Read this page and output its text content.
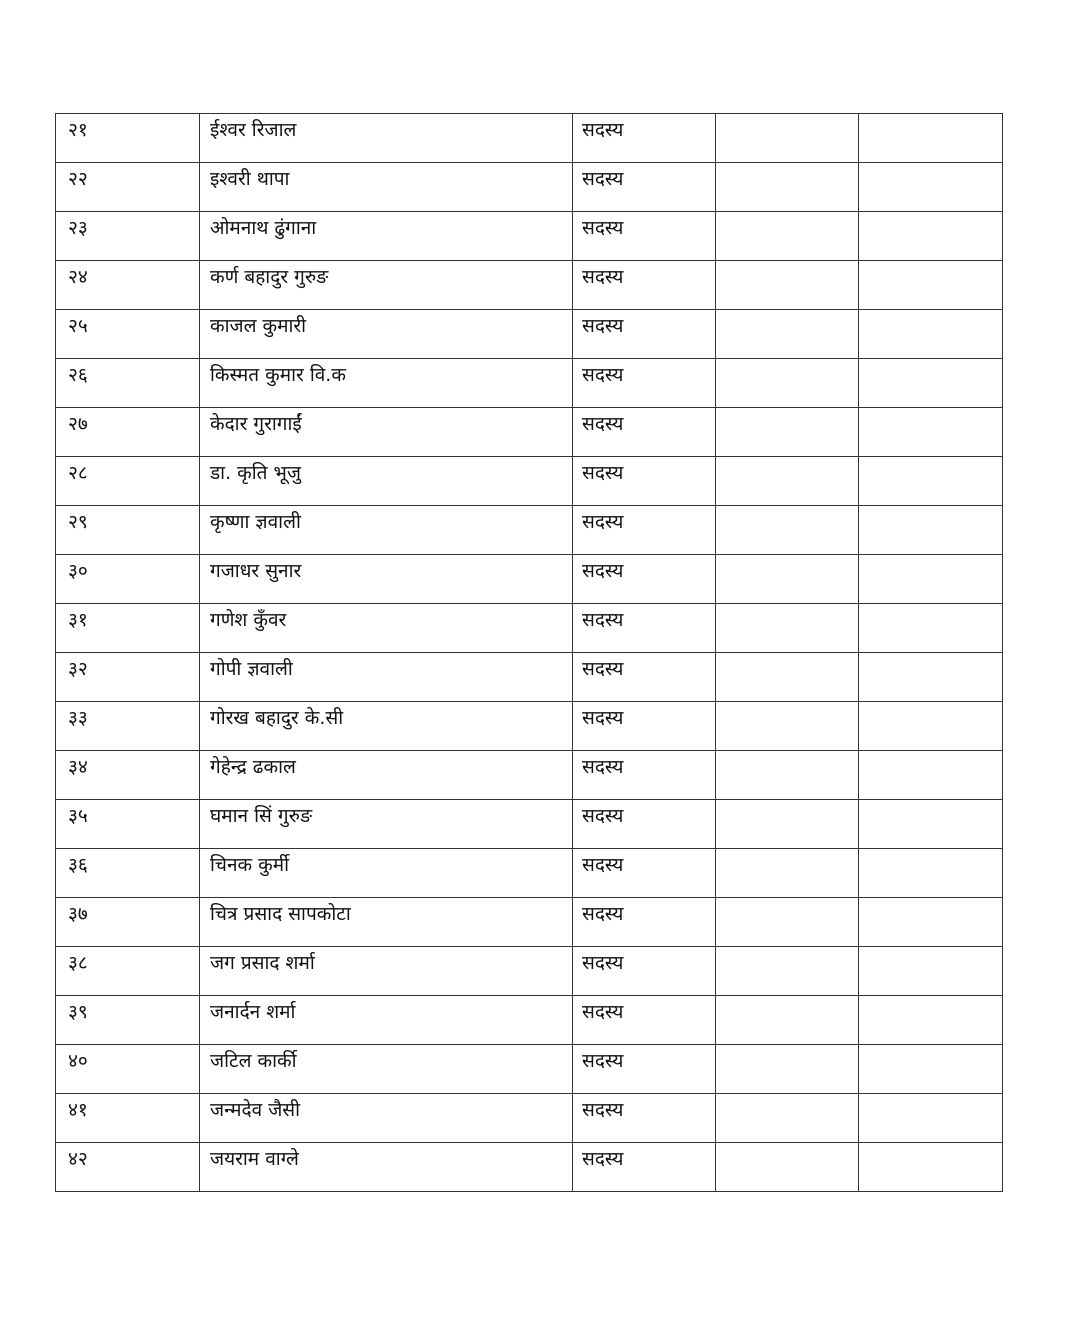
२१	ईश्वर रिजाल	सदस्य		

२२	इश्वरी थापा	सदस्य		

२३	ओमनाथ ढुंगाना	सदस्य		

२४	कर्ण बहादुर गुरुङ	सदस्य		

२५	काजल कुमारी	सदस्य		

२६	किस्मत कुमार वि.क	सदस्य		

२७	केदार गुरागाईं	सदस्य		

२८	डा. कृति भूजु	सदस्य		

२९	कृष्णा ज्ञवाली	सदस्य		

३०	गजाधर सुनार	सदस्य		

३१	गणेश कुँवर	सदस्य		

३२	गोपी ज्ञवाली	सदस्य		

३३	गोरख बहादुर के.सी	सदस्य		

३४	गेहेन्द्र ढकाल	सदस्य		

३५	घमान सिं गुरुङ	सदस्य		

३६	चिनक कुर्मी	सदस्य		

३७	चित्र प्रसाद सापकोटा	सदस्य		

३८	जग प्रसाद शर्मा	सदस्य		

३९	जनार्दन शर्मा	सदस्य		

४०	जटिल कार्की	सदस्य		

४१	जन्मदेव जैसी	सदस्य		

४२	जयराम वाग्ले	सदस्य		
